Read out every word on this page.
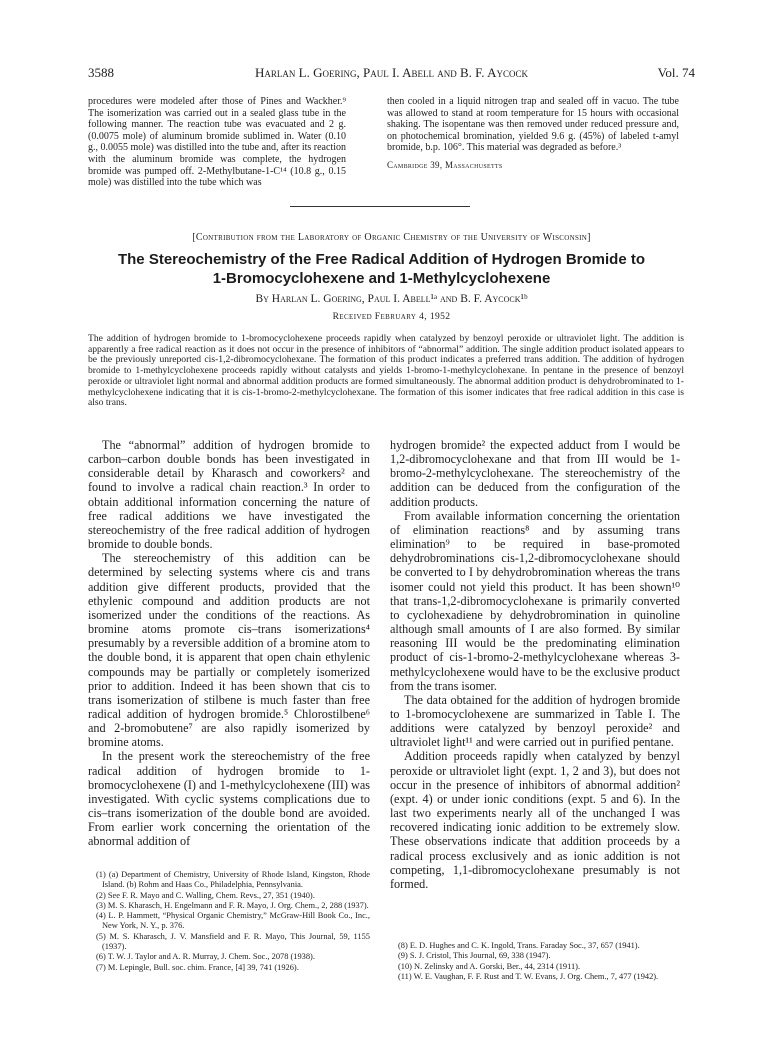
3588	Harlan L. Goering, Paul I. Abell and B. F. Aycock	Vol. 74
procedures were modeled after those of Pines and Wackher.⁹ The isomerization was carried out in a sealed glass tube in the following manner. The reaction tube was evacuated and 2 g. (0.0075 mole) of aluminum bromide sublimed in. Water (0.10 g., 0.0055 mole) was distilled into the tube and, after its reaction with the aluminum bromide was complete, the hydrogen bromide was pumped off. 2-Methylbutane-1-C¹⁴ (10.8 g., 0.15 mole) was distilled into the tube which was
then cooled in a liquid nitrogen trap and sealed off in vacuo. The tube was allowed to stand at room temperature for 15 hours with occasional shaking. The isopentane was then removed under reduced pressure and, on photochemical bromination, yielded 9.6 g. (45%) of labeled t-amyl bromide, b.p. 106°. This material was degraded as before.³
Cambridge 39, Massachusetts
[Contribution from the Laboratory of Organic Chemistry of the University of Wisconsin]
The Stereochemistry of the Free Radical Addition of Hydrogen Bromide to
1-Bromocyclohexene and 1-Methylcyclohexene
By Harlan L. Goering, Paul I. Abell¹ᵃ and B. F. Aycock¹ᵇ
Received February 4, 1952
The addition of hydrogen bromide to 1-bromocyclohexene proceeds rapidly when catalyzed by benzoyl peroxide or ultraviolet light. The addition is apparently a free radical reaction as it does not occur in the presence of inhibitors of “abnormal” addition. The single addition product isolated appears to be the previously unreported cis-1,2-dibromocyclohexane. The formation of this product indicates a preferred trans addition. The addition of hydrogen bromide to 1-methylcyclohexene proceeds rapidly without catalysts and yields 1-bromo-1-methylcyclohexane. In pentane in the presence of benzoyl peroxide or ultraviolet light normal and abnormal addition products are formed simultaneously. The abnormal addition product is dehydrobrominated to 1-methylcyclohexene indicating that it is cis-1-bromo-2-methylcyclohexane. The formation of this isomer indicates that free radical addition in this case is also trans.

The “abnormal” addition of hydrogen bromide to carbon–carbon double bonds has been investigated in considerable detail by Kharasch and coworkers² and found to involve a radical chain reaction.³ In order to obtain additional information concerning the nature of free radical additions we have investigated the stereochemistry of the free radical addition of hydrogen bromide to double bonds.

The stereochemistry of this addition can be determined by selecting systems where cis and trans addition give different products, provided that the ethylenic compound and addition products are not isomerized under the conditions of the reactions. As bromine atoms promote cis–trans isomerizations⁴ presumably by a reversible addition of a bromine atom to the double bond, it is apparent that open chain ethylenic compounds may be partially or completely isomerized prior to addition. Indeed it has been shown that cis to trans isomerization of stilbene is much faster than free radical addition of hydrogen bromide.⁵ Chlorostilbene⁶ and 2-bromobutene⁷ are also rapidly isomerized by bromine atoms.

In the present work the stereochemistry of the free radical addition of hydrogen bromide to 1-bromocyclohexene (I) and 1-methylcyclohexene (III) was investigated. With cyclic systems complications due to cis–trans isomerization of the double bond are avoided. From earlier work concerning the orientation of the abnormal addition of

hydrogen bromide² the expected adduct from I would be 1,2-dibromocyclohexane and that from III would be 1-bromo-2-methylcyclohexane. The stereochemistry of the addition can be deduced from the configuration of the addition products.

From available information concerning the orientation of elimination reactions⁸ and by assuming trans elimination⁹ to be required in base-promoted dehydrobrominations cis-1,2-dibromocyclohexane should be converted to I by dehydrobromination whereas the trans isomer could not yield this product. It has been shown¹⁰ that trans-1,2-dibromocyclohexane is primarily converted to cyclohexadiene by dehydrobromination in quinoline although small amounts of I are also formed. By similar reasoning III would be the predominating elimination product of cis-1-bromo-2-methylcyclohexane whereas 3-methylcyclohexene would have to be the exclusive product from the trans isomer.

The data obtained for the addition of hydrogen bromide to 1-bromocyclohexene are summarized in Table I. The additions were catalyzed by benzoyl peroxide² and ultraviolet light¹¹ and were carried out in purified pentane.

Addition proceeds rapidly when catalyzed by benzyl peroxide or ultraviolet light (expt. 1, 2 and 3), but does not occur in the presence of inhibitors of abnormal addition² (expt. 4) or under ionic conditions (expt. 5 and 6). In the last two experiments nearly all of the unchanged I was recovered indicating ionic addition to be extremely slow. These observations indicate that addition proceeds by a radical process exclusively and as ionic addition is not competing, 1,1-dibromocyclohexane presumably is not formed.

(1) (a) Department of Chemistry, University of Rhode Island, Kingston, Rhode Island. (b) Rohm and Haas Co., Philadelphia, Pennsylvania.

(2) See F. R. Mayo and C. Walling, Chem. Revs., 27, 351 (1940).

(3) M. S. Kharasch, H. Engelmann and F. R. Mayo, J. Org. Chem., 2, 288 (1937).

(4) L. P. Hammett, “Physical Organic Chemistry,” McGraw-Hill Book Co., Inc., New York, N. Y., p. 376.

(5) M. S. Kharasch, J. V. Mansfield and F. R. Mayo, This Journal, 59, 1155 (1937).

(6) T. W. J. Taylor and A. R. Murray, J. Chem. Soc., 2078 (1938).

(7) M. Lepingle, Bull. soc. chim. France, [4] 39, 741 (1926).

(8) E. D. Hughes and C. K. Ingold, Trans. Faraday Soc., 37, 657 (1941).

(9) S. J. Cristol, This Journal, 69, 338 (1947).

(10) N. Zelinsky and A. Gorski, Ber., 44, 2314 (1911).

(11) W. E. Vaughan, F. F. Rust and T. W. Evans, J. Org. Chem., 7, 477 (1942).
